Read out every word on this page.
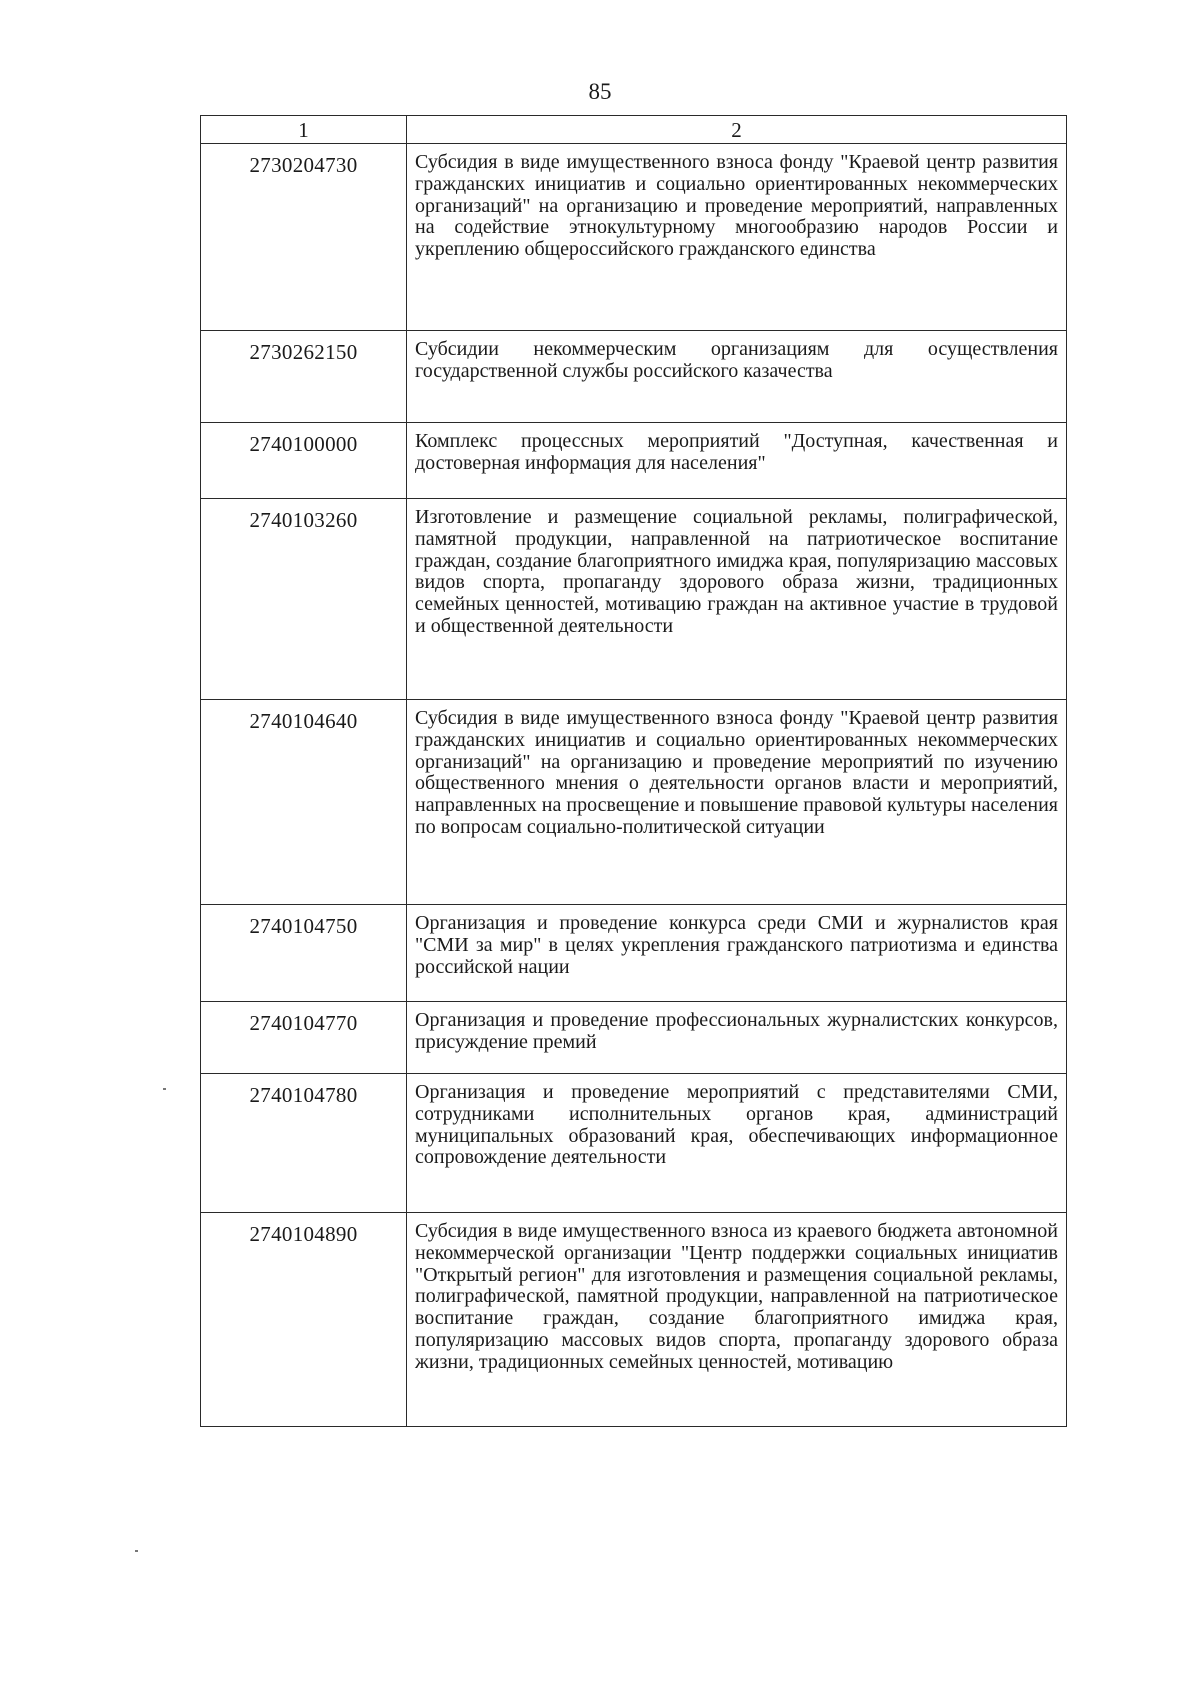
85
1	2
2730204730	Субсидия в виде имущественного взноса фонду "Краевой центр развития гражданских инициатив и социально ориентированных некоммерческих организаций" на организацию и проведение мероприятий, направленных на содействие этнокультурному многообразию народов России и укреплению общероссийского гражданского единства
2730262150	Субсидии некоммерческим организациям для осуществления государственной службы российского казачества
2740100000	Комплекс процессных мероприятий "Доступная, качественная и достоверная информация для населения"
2740103260	Изготовление и размещение социальной рекламы, полиграфической, памятной продукции, направленной на патриотическое воспитание граждан, создание благоприятного имиджа края, популяризацию массовых видов спорта, пропаганду здорового образа жизни, традиционных семейных ценностей, мотивацию граждан на активное участие в трудовой и общественной деятельности
2740104640	Субсидия в виде имущественного взноса фонду "Краевой центр развития гражданских инициатив и социально ориентированных некоммерческих организаций" на организацию и проведение мероприятий по изучению общественного мнения о деятельности органов власти и мероприятий, направленных на просвещение и повышение правовой культуры населения по вопросам социально-политической ситуации
2740104750	Организация и проведение конкурса среди СМИ и журналистов края "СМИ за мир" в целях укрепления гражданского патриотизма и единства российской нации
2740104770	Организация и проведение профессиональных журналистских конкурсов, присуждение премий
2740104780	Организация и проведение мероприятий с представителями СМИ, сотрудниками исполнительных органов края, администраций муниципальных образований края, обеспечивающих информационное сопровождение деятельности
2740104890	Субсидия в виде имущественного взноса из краевого бюджета автономной некоммерческой организации "Центр поддержки социальных инициатив "Открытый регион" для изготовления и размещения социальной рекламы, полиграфической, памятной продукции, направленной на патриотическое воспитание граждан, создание благоприятного имиджа края, популяризацию массовых видов спорта, пропаганду здорового образа жизни, традиционных семейных ценностей, мотивацию
